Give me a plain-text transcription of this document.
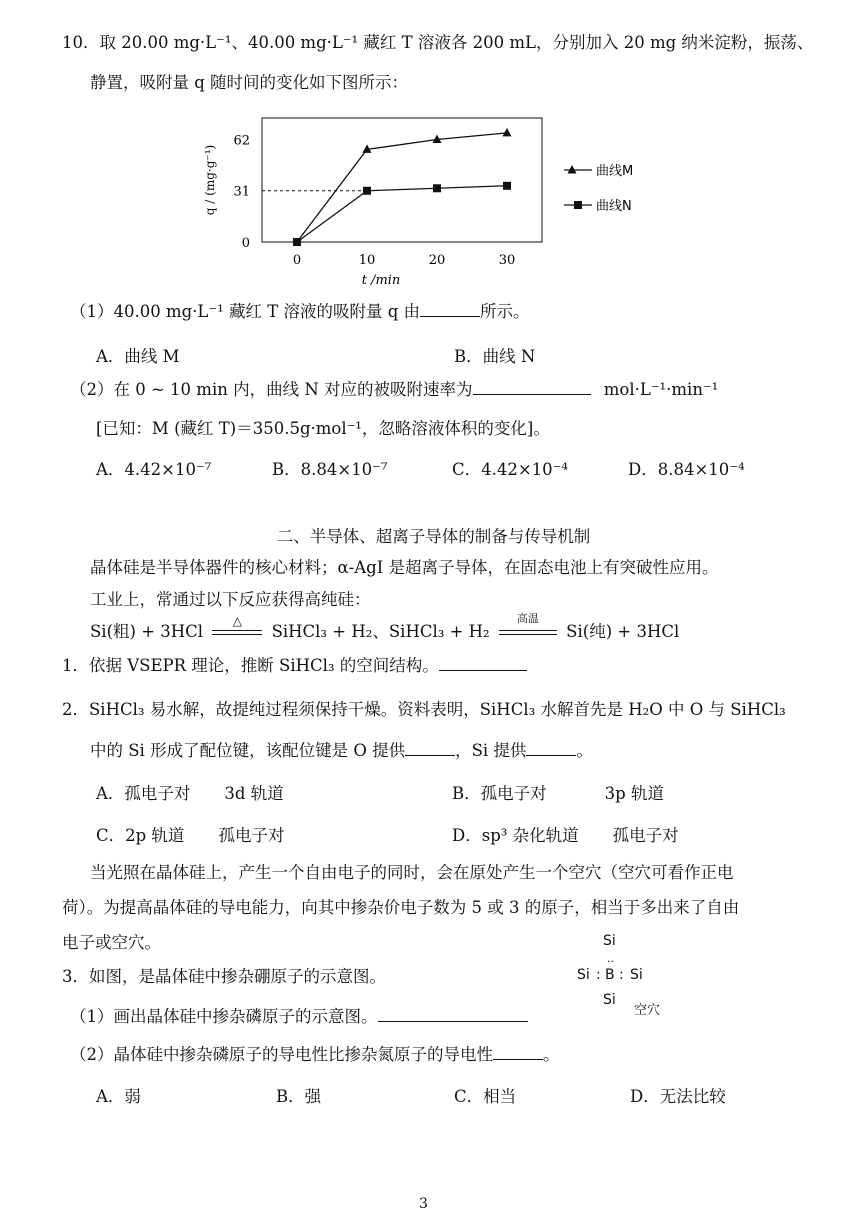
10．取 20.00 mg·L⁻¹、40.00 mg·L⁻¹ 藏红 T 溶液各 200 mL，分别加入 20 mg 纳米淀粉，振荡、
静置，吸附量 q 随时间的变化如下图所示：
0
31
62
0	10	20	30
t /min
q / (mg·g⁻¹)	曲线M
曲线N
（1）40.00 mg·L⁻¹ 藏红 T 溶液的吸附量 q 由	所示。
A．曲线 M	B．曲线 N
（2）在 0 ~ 10 min 内，曲线 N 对应的被吸附速率为	mol·L⁻¹·min⁻¹
[已知：M (藏红 T)＝350.5g·mol⁻¹，忽略溶液体积的变化]。
A．4.42×10⁻⁷	B．8.84×10⁻⁷	C．4.42×10⁻⁴	D．8.84×10⁻⁴
二、半导体、超离子导体的制备与传导机制
晶体硅是半导体器件的核心材料；α-AgI 是超离子导体，在固态电池上有突破性应用。
工业上，常通过以下反应获得高纯硅：
Si(粗) + 3HCl
△
SiHCl₃ + H₂、SiHCl₃ + H₂
高温
Si(纯) + 3HCl
1．依据 VSEPR 理论，推断 SiHCl₃ 的空间结构。
2．SiHCl₃ 易水解，故提纯过程须保持干燥。资料表明，SiHCl₃ 水解首先是 H₂O 中 O 与 SiHCl₃
中的 Si 形成了配位键，该配位键是 O 提供	，Si 提供	。
A．孤电子对 3d 轨道	B．孤电子对	3p 轨道
C．2p 轨道 孤电子对	D．sp³ 杂化轨道 孤电子对
当光照在晶体硅上，产生一个自由电子的同时，会在原处产生一个空穴（空穴可看作正电
荷）。为提高晶体硅的导电能力，向其中掺杂价电子数为 5 或 3 的原子，相当于多出来了自由
电子或空穴。
3．如图，是晶体硅中掺杂硼原子的示意图。
Si
··
Si : B : Si
Si
空穴
（1）画出晶体硅中掺杂磷原子的示意图。
（2）晶体硅中掺杂磷原子的导电性比掺杂氮原子的导电性	。
A．弱	B．强	C．相当	D．无法比较
3
